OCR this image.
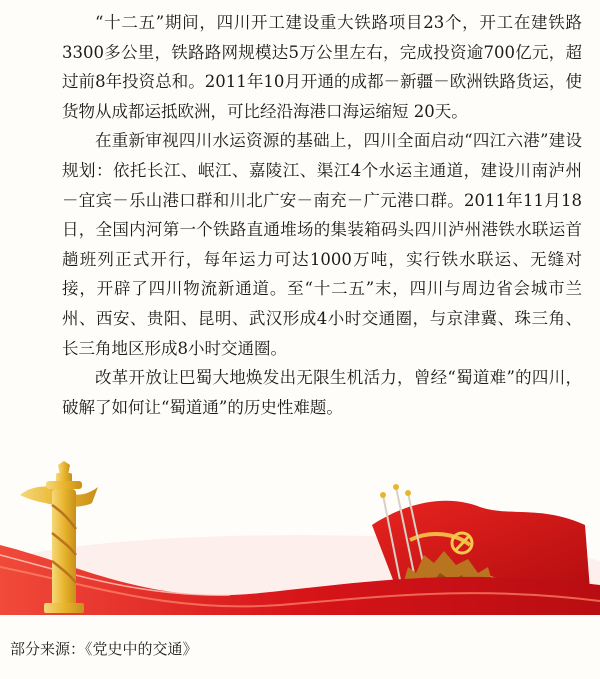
“十二五”期间，四川开工建设重大铁路项目23个，开工在建铁路3300多公里，铁路路网规模达5万公里左右，完成投资逾700亿元，超过前8年投资总和。2011年10月开通的成都－新疆－欧洲铁路货运，使货物从成都运抵欧洲，可比经沿海港口海运缩短 20天。

在重新审视四川水运资源的基础上，四川全面启动“四江六港”建设规划：依托长江、岷江、嘉陵江、渠江4个水运主通道，建设川南泸州－宜宾－乐山港口群和川北广安－南充－广元港口群。2011年11月18日，全国内河第一个铁路直通堆场的集装箱码头四川泸州港铁水联运首趟班列正式开行，每年运力可达1000万吨，实行铁水联运、无缝对接，开辟了四川物流新通道。至“十二五”末，四川与周边省会城市兰州、西安、贵阳、昆明、武汉形成4小时交通圈，与京津冀、珠三角、长三角地区形成8小时交通圈。

改革开放让巴蜀大地焕发出无限生机活力，曾经“蜀道难”的四川，破解了如何让“蜀道通”的历史性难题。

部分来源：《党史中的交通》
